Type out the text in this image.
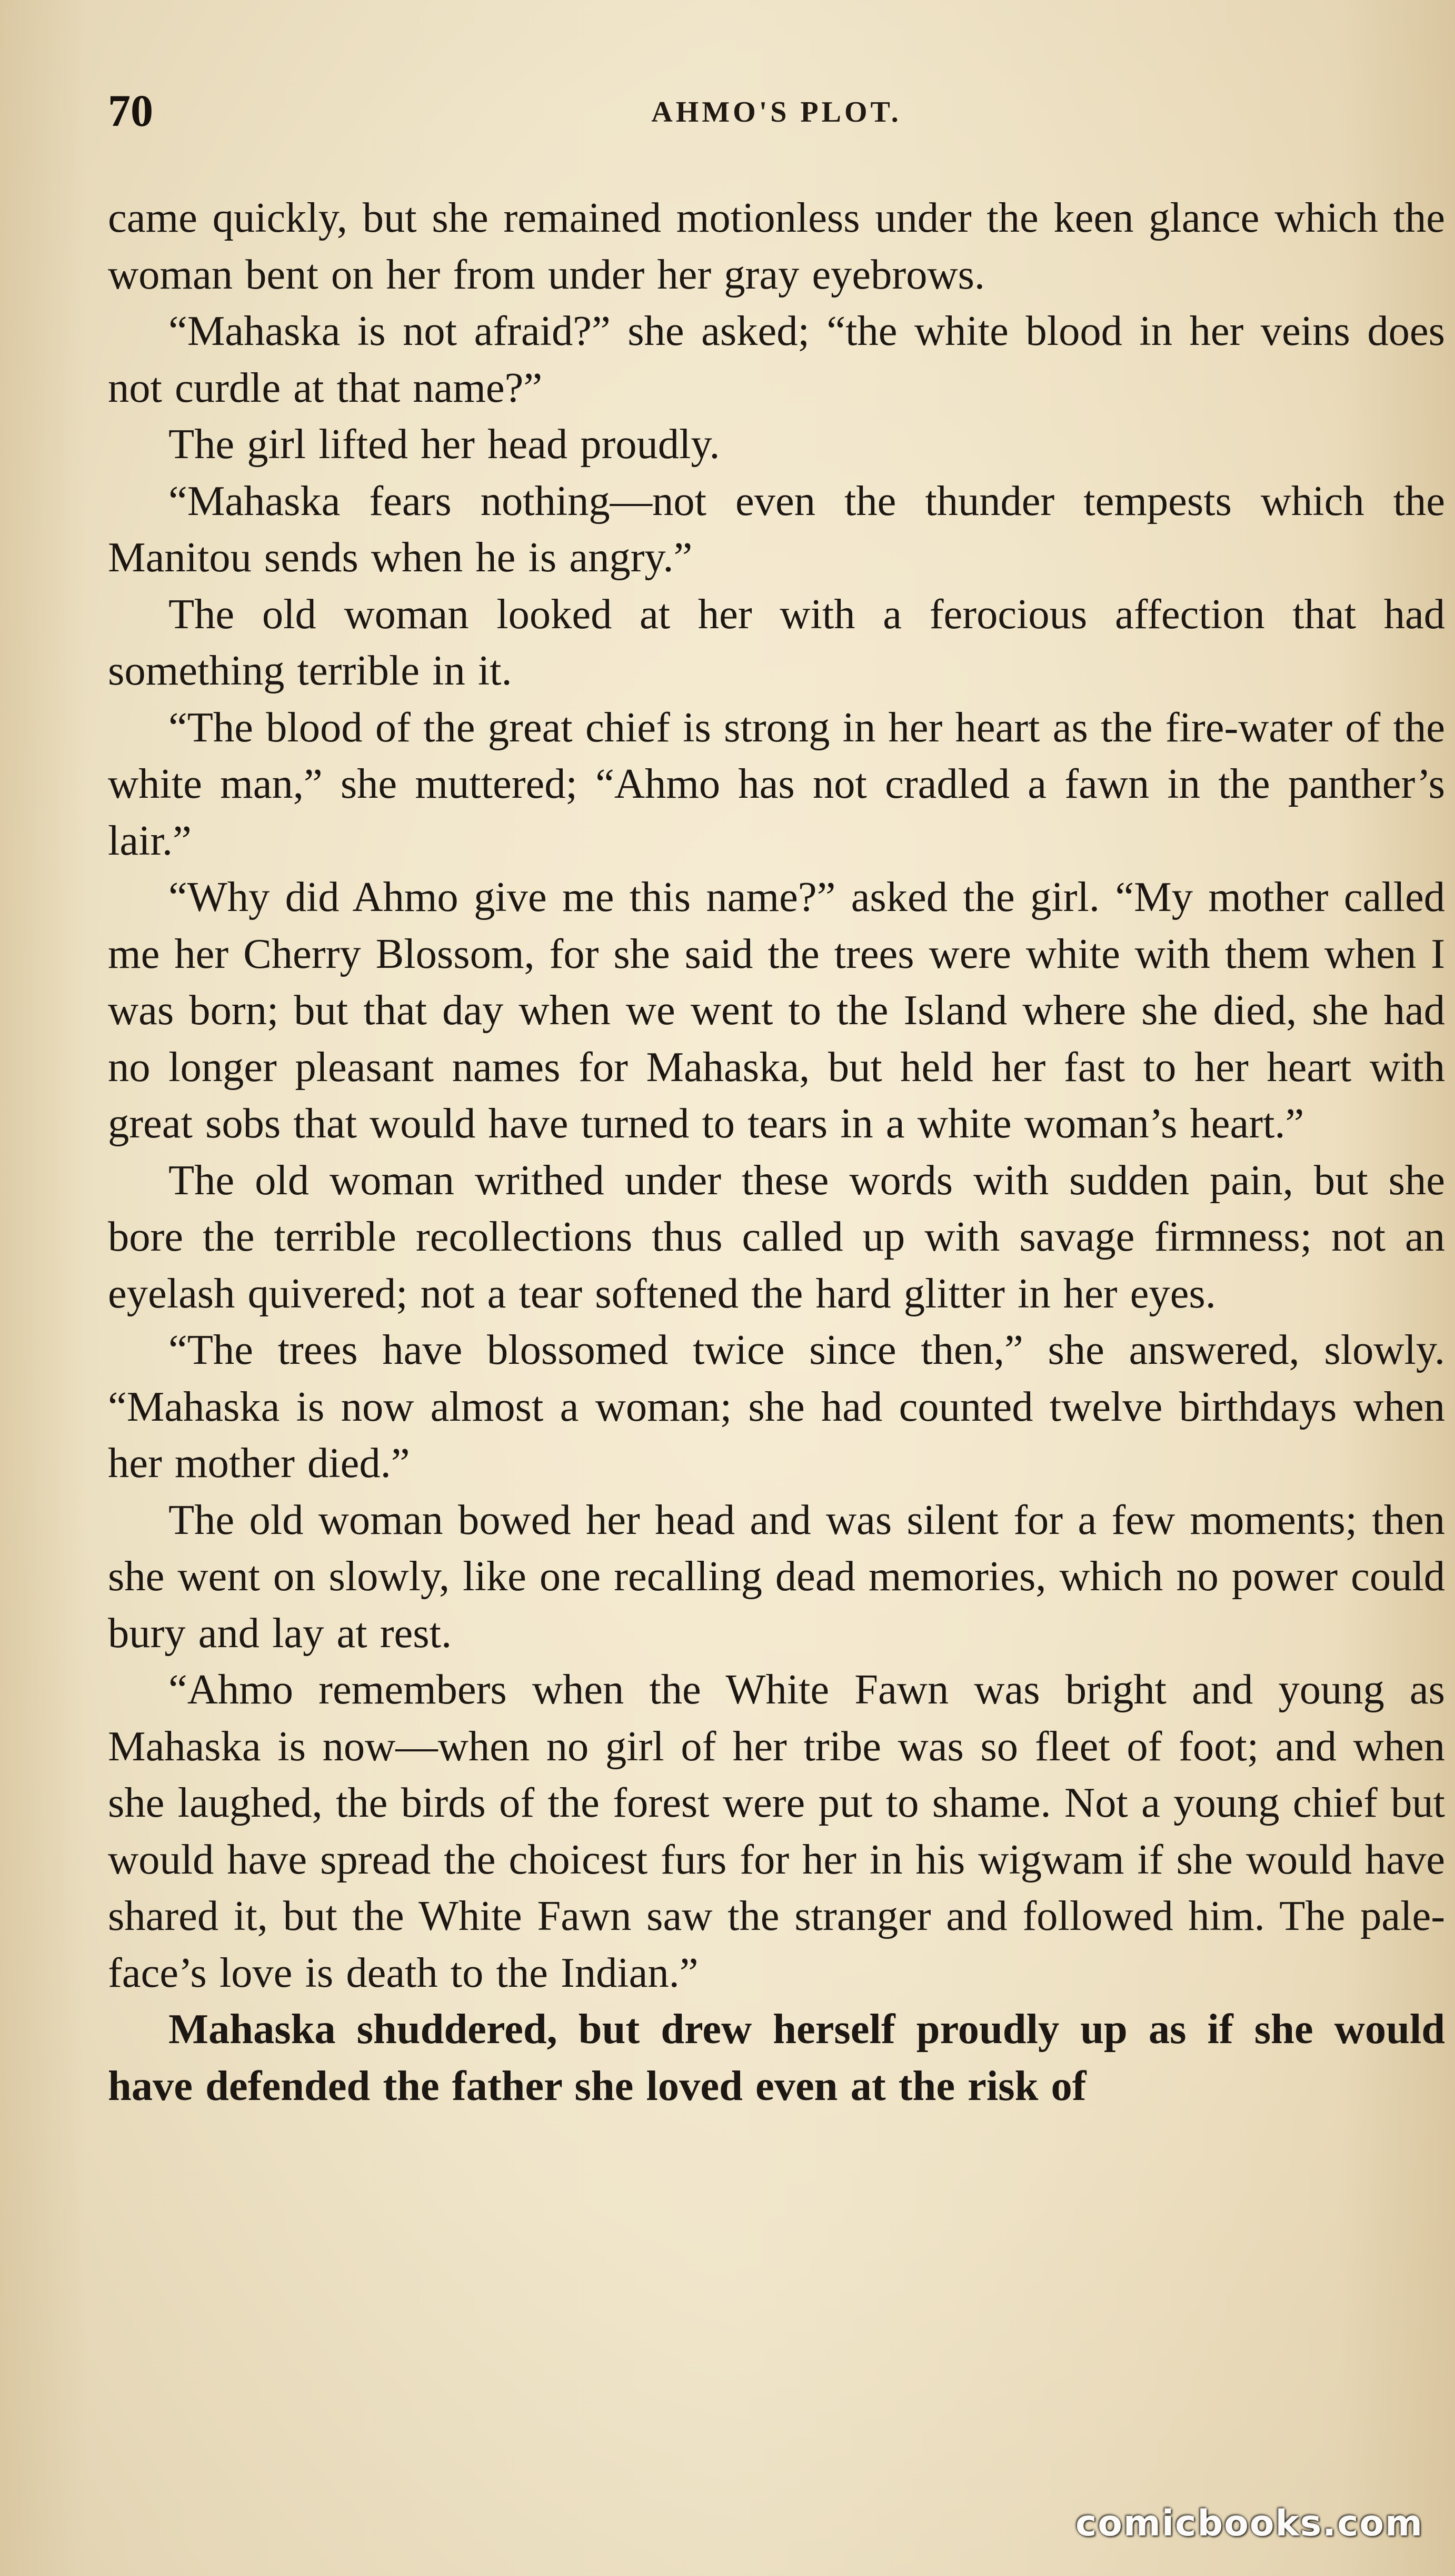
70	AHMO'S PLOT.

came quickly, but she remained motionless under the keen glance which the woman bent on her from under her gray eyebrows.

“Mahaska is not afraid?” she asked; “the white blood in her veins does not curdle at that name?”

The girl lifted her head proudly.

“Mahaska fears nothing—not even the thunder tempests which the Manitou sends when he is angry.”

The old woman looked at her with a ferocious affection that had something terrible in it.

“The blood of the great chief is strong in her heart as the fire-water of the white man,” she muttered; “Ahmo has not cradled a fawn in the panther’s lair.”

“Why did Ahmo give me this name?” asked the girl. “My mother called me her Cherry Blossom, for she said the trees were white with them when I was born; but that day when we went to the Island where she died, she had no longer pleasant names for Mahaska, but held her fast to her heart with great sobs that would have turned to tears in a white woman’s heart.”

The old woman writhed under these words with sudden pain, but she bore the terrible recollections thus called up with savage firmness; not an eyelash quivered; not a tear softened the hard glitter in her eyes.

“The trees have blossomed twice since then,” she answered, slowly. “Mahaska is now almost a woman; she had counted twelve birthdays when her mother died.”

The old woman bowed her head and was silent for a few moments; then she went on slowly, like one recalling dead memories, which no power could bury and lay at rest.

“Ahmo remembers when the White Fawn was bright and young as Mahaska is now—when no girl of her tribe was so fleet of foot; and when she laughed, the birds of the forest were put to shame. Not a young chief but would have spread the choicest furs for her in his wigwam if she would have shared it, but the White Fawn saw the stranger and followed him. The pale-face’s love is death to the Indian.”

Mahaska shuddered, but drew herself proudly up as if she would have defended the father she loved even at the risk of

comicbooks.com
